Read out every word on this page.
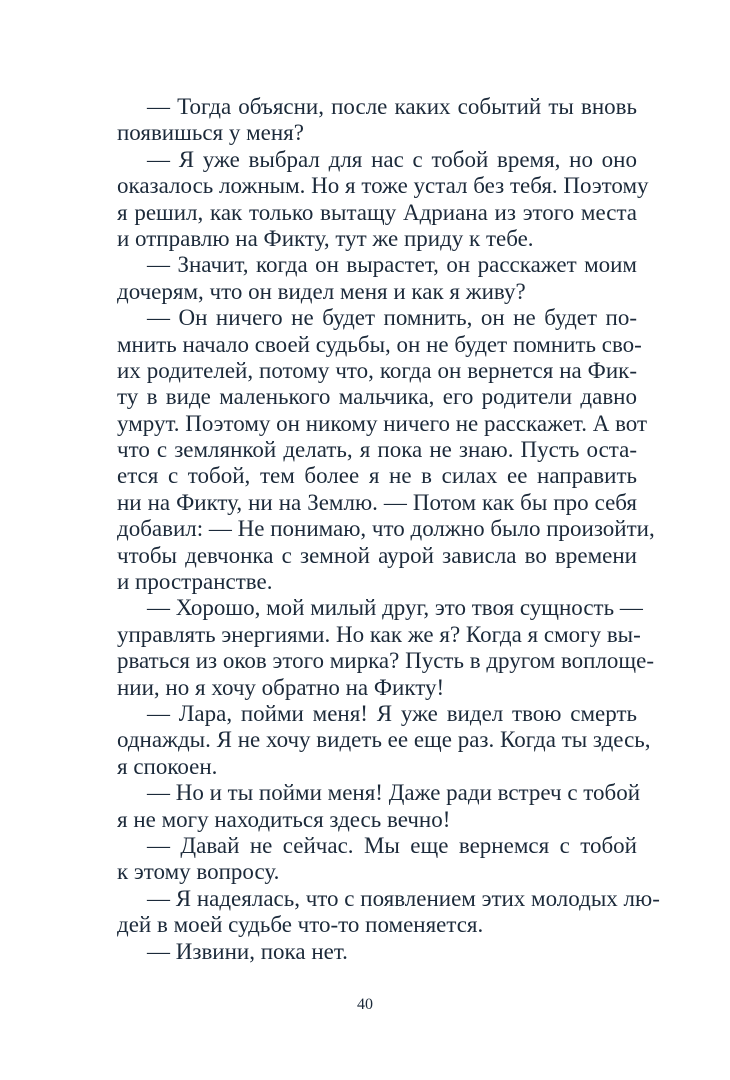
— Тогда объясни, после каких событий ты вновь
появишься у меня?
— Я уже выбрал для нас с тобой время, но оно
оказалось ложным. Но я тоже устал без тебя. Поэтому
я решил, как только вытащу Адриана из этого места
и отправлю на Фикту, тут же приду к тебе.
— Значит, когда он вырастет, он расскажет моим
дочерям, что он видел меня и как я живу?
— Он ничего не будет помнить, он не будет по-
мнить начало своей судьбы, он не будет помнить сво-
их родителей, потому что, когда он вернется на Фик-
ту в виде маленького мальчика, его родители давно
умрут. Поэтому он никому ничего не расскажет. А вот
что с землянкой делать, я пока не знаю. Пусть оста-
ется с тобой, тем более я не в силах ее направить
ни на Фикту, ни на Землю. — Потом как бы про себя
добавил: — Не понимаю, что должно было произойти,
чтобы девчонка с земной аурой зависла во времени
и пространстве.
— Хорошо, мой милый друг, это твоя сущность —
управлять энергиями. Но как же я? Когда я смогу вы-
рваться из оков этого мирка? Пусть в другом воплоще-
нии, но я хочу обратно на Фикту!
— Лара, пойми меня! Я уже видел твою смерть
однажды. Я не хочу видеть ее еще раз. Когда ты здесь,
я спокоен.
— Но и ты пойми меня! Даже ради встреч с тобой
я не могу находиться здесь вечно!
— Давай не сейчас. Мы еще вернемся с тобой
к этому вопросу.
— Я надеялась, что с появлением этих молодых лю-
дей в моей судьбе что-то поменяется.
— Извини, пока нет.
40
